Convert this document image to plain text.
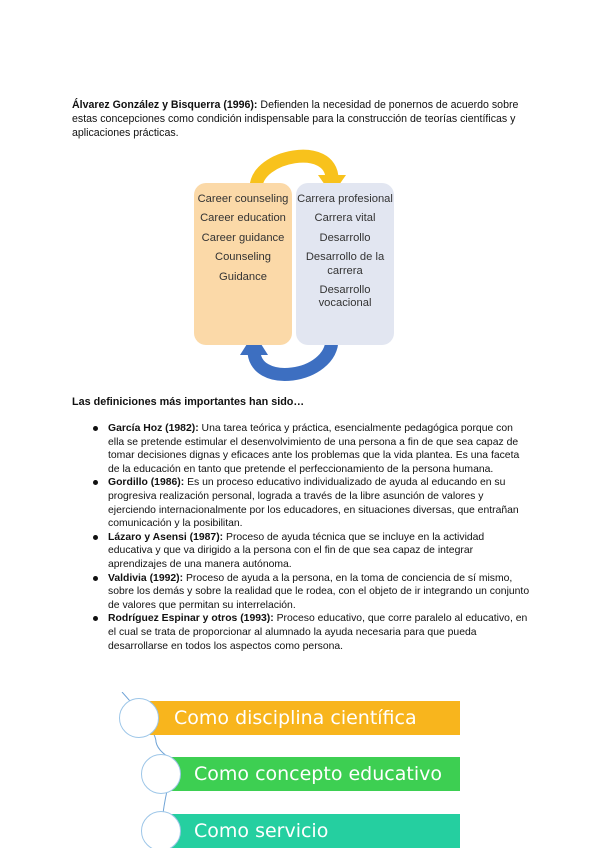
Álvarez González y Bisquerra (1996): Defienden la necesidad de ponernos de acuerdo sobre estas concepciones como condición indispensable para la construcción de teorías científicas y aplicaciones prácticas.
Career counseling
Career education
Career guidance
Counseling
Guidance
Carrera profesional
Carrera vital
Desarrollo
Desarrollo de la carrera
Desarrollo vocacional
Las definiciones más importantes han sido…
García Hoz (1982): Una tarea teórica y práctica, esencialmente pedagógica porque con ella se pretende estimular el desenvolvimiento de una persona a fin de que sea capaz de tomar decisiones dignas y eficaces ante los problemas que la vida plantea. Es una faceta de la educación en tanto que pretende el perfeccionamiento de la persona humana.
Gordillo (1986): Es un proceso educativo individualizado de ayuda al educando en su progresiva realización personal, lograda a través de la libre asunción de valores y ejerciendo internacionalmente por los educadores, en situaciones diversas, que entrañan comunicación y la posibilitan.
Lázaro y Asensi (1987): Proceso de ayuda técnica que se incluye en la actividad educativa y que va dirigido a la persona con el fin de que sea capaz de integrar aprendizajes de una manera autónoma.
Valdivia (1992): Proceso de ayuda a la persona, en la toma de conciencia de sí mismo, sobre los demás y sobre la realidad que le rodea, con el objeto de ir integrando un conjunto de valores que permitan su interrelación.
Rodríguez Espinar y otros (1993): Proceso educativo, que corre paralelo al educativo, en el cual se trata de proporcionar al alumnado la ayuda necesaria para que pueda desarrollarse en todos los aspectos como persona.
Como disciplina científica
Como concepto educativo
Como servicio
